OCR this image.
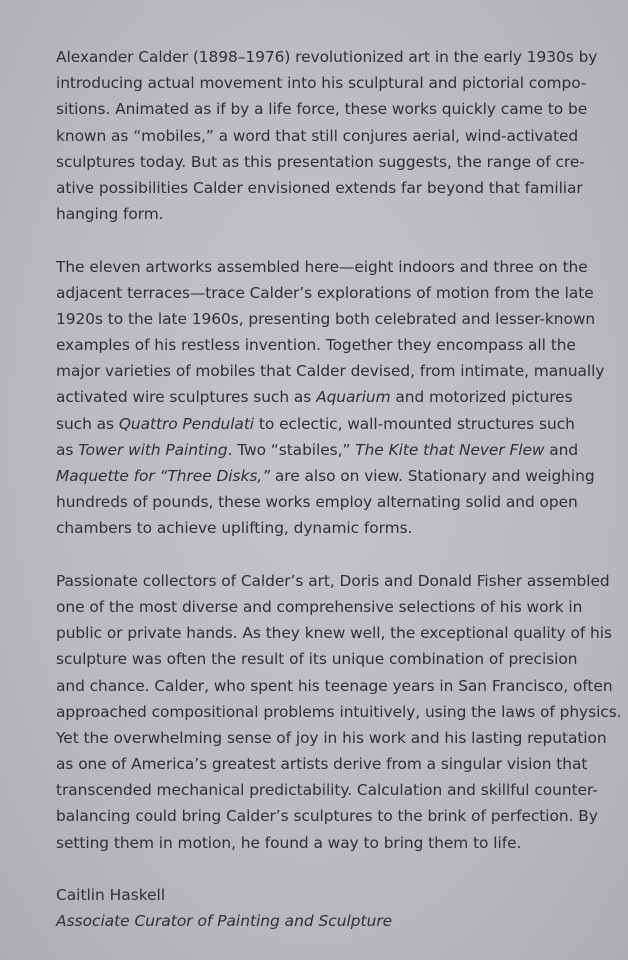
Alexander Calder (1898–1976) revolutionized art in the early 1930s by
introducing actual movement into his sculptural and pictorial compo-
sitions. Animated as if by a life force, these works quickly came to be
known as “mobiles,” a word that still conjures aerial, wind-activated
sculptures today. But as this presentation suggests, the range of cre-
ative possibilities Calder envisioned extends far beyond that familiar
hanging form.
The eleven artworks assembled here—eight indoors and three on the
adjacent terraces—trace Calder’s explorations of motion from the late
1920s to the late 1960s, presenting both celebrated and lesser-known
examples of his restless invention. Together they encompass all the
major varieties of mobiles that Calder devised, from intimate, manually
activated wire sculptures such as Aquarium and motorized pictures
such as Quattro Pendulati to eclectic, wall-mounted structures such
as Tower with Painting. Two “stabiles,” The Kite that Never Flew and
Maquette for “Three Disks,” are also on view. Stationary and weighing
hundreds of pounds, these works employ alternating solid and open
chambers to achieve uplifting, dynamic forms.
Passionate collectors of Calder’s art, Doris and Donald Fisher assembled
one of the most diverse and comprehensive selections of his work in
public or private hands. As they knew well, the exceptional quality of his
sculpture was often the result of its unique combination of precision
and chance. Calder, who spent his teenage years in San Francisco, often
approached compositional problems intuitively, using the laws of physics.
Yet the overwhelming sense of joy in his work and his lasting reputation
as one of America’s greatest artists derive from a singular vision that
transcended mechanical predictability. Calculation and skillful counter-
balancing could bring Calder’s sculptures to the brink of perfection. By
setting them in motion, he found a way to bring them to life.
Caitlin Haskell
Associate Curator of Painting and Sculpture
